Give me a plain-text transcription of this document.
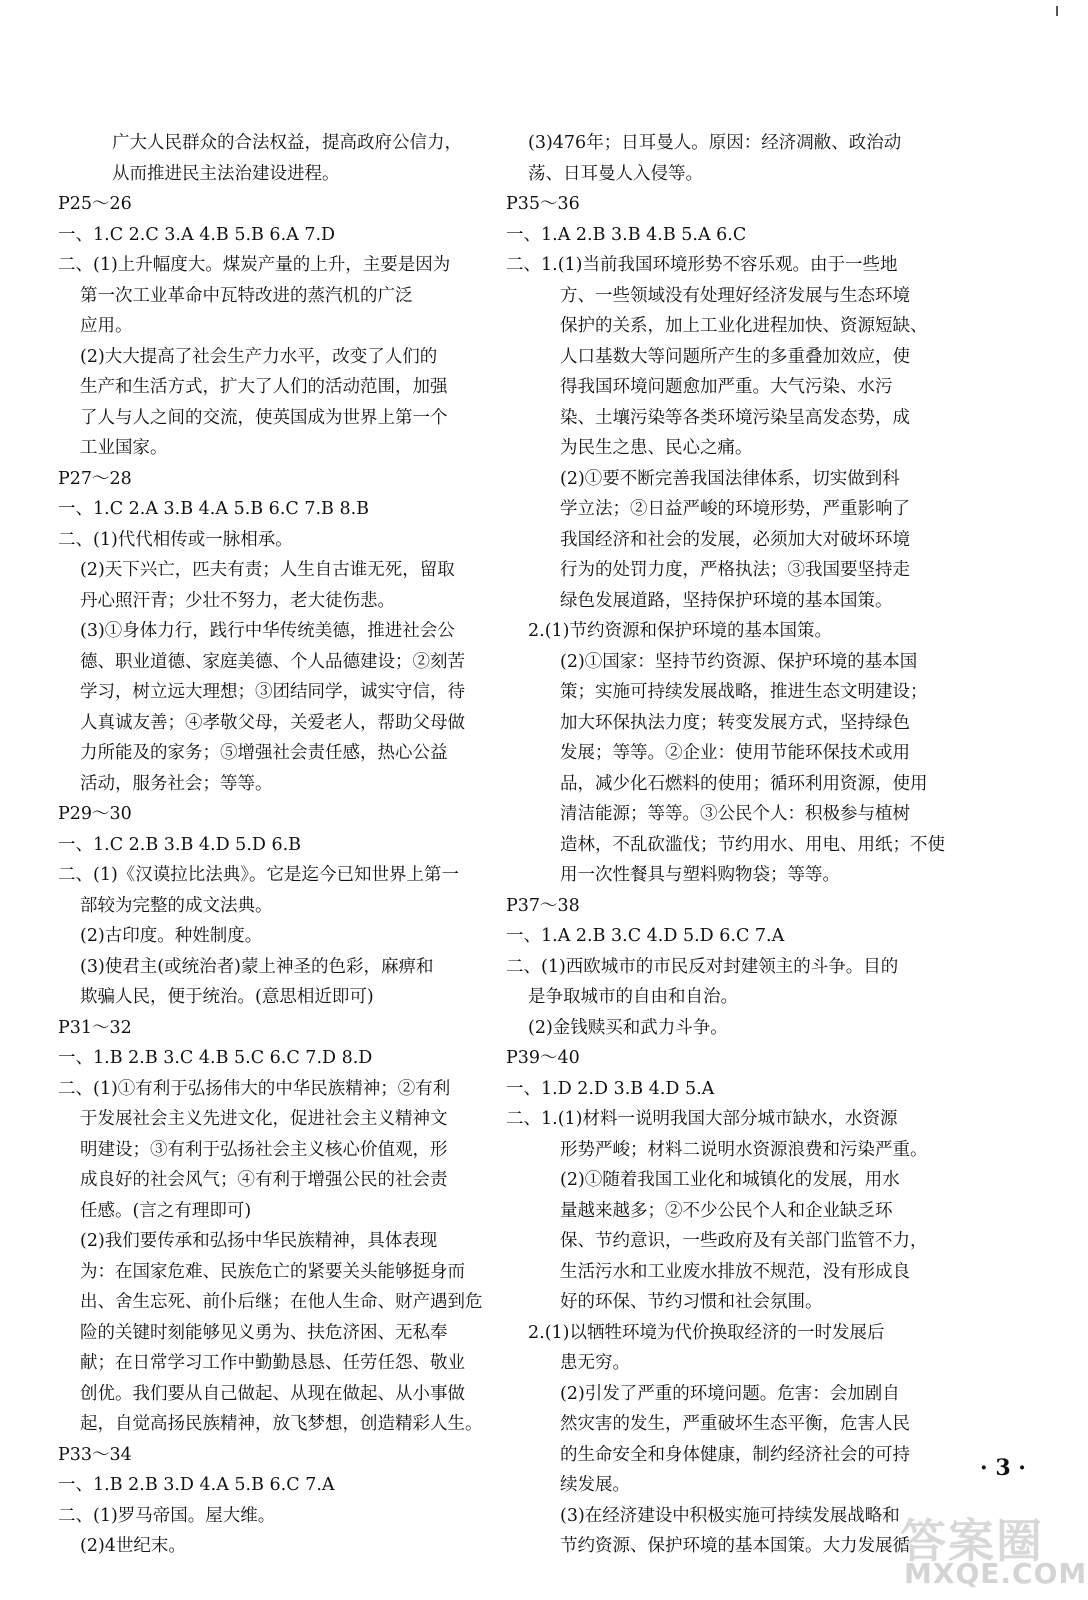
广大人民群众的合法权益，提高政府公信力，
从而推进民主法治建设进程。
P25～26
一、1.C 2.C 3.A 4.B 5.B 6.A 7.D
二、(1)上升幅度大。煤炭产量的上升，主要是因为
第一次工业革命中瓦特改进的蒸汽机的广泛
应用。
(2)大大提高了社会生产力水平，改变了人们的
生产和生活方式，扩大了人们的活动范围，加强
了人与人之间的交流，使英国成为世界上第一个
工业国家。
P27～28
一、1.C 2.A 3.B 4.A 5.B 6.C 7.B 8.B
二、(1)代代相传或一脉相承。
(2)天下兴亡，匹夫有责；人生自古谁无死，留取
丹心照汗青；少壮不努力，老大徒伤悲。
(3)①身体力行，践行中华传统美德，推进社会公
德、职业道德、家庭美德、个人品德建设；②刻苦
学习，树立远大理想；③团结同学，诚实守信，待
人真诚友善；④孝敬父母，关爱老人，帮助父母做
力所能及的家务；⑤增强社会责任感，热心公益
活动，服务社会；等等。
P29～30
一、1.C 2.B 3.B 4.D 5.D 6.B
二、(1)《汉谟拉比法典》。它是迄今已知世界上第一
部较为完整的成文法典。
(2)古印度。种姓制度。
(3)使君主(或统治者)蒙上神圣的色彩，麻痹和
欺骗人民，便于统治。(意思相近即可)
P31～32
一、1.B 2.B 3.C 4.B 5.C 6.C 7.D 8.D
二、(1)①有利于弘扬伟大的中华民族精神；②有利
于发展社会主义先进文化，促进社会主义精神文
明建设；③有利于弘扬社会主义核心价值观，形
成良好的社会风气；④有利于增强公民的社会责
任感。(言之有理即可)
(2)我们要传承和弘扬中华民族精神，具体表现
为：在国家危难、民族危亡的紧要关头能够挺身而
出、舍生忘死、前仆后继；在他人生命、财产遇到危
险的关键时刻能够见义勇为、扶危济困、无私奉
献；在日常学习工作中勤勤恳恳、任劳任怨、敬业
创优。我们要从自己做起、从现在做起、从小事做
起，自觉高扬民族精神，放飞梦想，创造精彩人生。
P33～34
一、1.B 2.B 3.D 4.A 5.B 6.C 7.A
二、(1)罗马帝国。屋大维。
(2)4世纪末。
(3)476年；日耳曼人。原因：经济凋敝、政治动
荡、日耳曼人入侵等。
P35～36
一、1.A 2.B 3.B 4.B 5.A 6.C
二、1.(1)当前我国环境形势不容乐观。由于一些地
方、一些领域没有处理好经济发展与生态环境
保护的关系，加上工业化进程加快、资源短缺、
人口基数大等问题所产生的多重叠加效应，使
得我国环境问题愈加严重。大气污染、水污
染、土壤污染等各类环境污染呈高发态势，成
为民生之患、民心之痛。
(2)①要不断完善我国法律体系，切实做到科
学立法；②日益严峻的环境形势，严重影响了
我国经济和社会的发展，必须加大对破坏环境
行为的处罚力度，严格执法；③我国要坚持走
绿色发展道路，坚持保护环境的基本国策。
2.(1)节约资源和保护环境的基本国策。
(2)①国家：坚持节约资源、保护环境的基本国
策；实施可持续发展战略，推进生态文明建设；
加大环保执法力度；转变发展方式，坚持绿色
发展；等等。②企业：使用节能环保技术或用
品，减少化石燃料的使用；循环利用资源，使用
清洁能源；等等。③公民个人：积极参与植树
造林，不乱砍滥伐；节约用水、用电、用纸；不使
用一次性餐具与塑料购物袋；等等。
P37～38
一、1.A 2.B 3.C 4.D 5.D 6.C 7.A
二、(1)西欧城市的市民反对封建领主的斗争。目的
是争取城市的自由和自治。
(2)金钱赎买和武力斗争。
P39～40
一、1.D 2.D 3.B 4.D 5.A
二、1.(1)材料一说明我国大部分城市缺水，水资源
形势严峻；材料二说明水资源浪费和污染严重。
(2)①随着我国工业化和城镇化的发展，用水
量越来越多；②不少公民个人和企业缺乏环
保、节约意识，一些政府及有关部门监管不力，
生活污水和工业废水排放不规范，没有形成良
好的环保、节约习惯和社会氛围。
2.(1)以牺牲环境为代价换取经济的一时发展后
患无穷。
(2)引发了严重的环境问题。危害：会加剧自
然灾害的发生，严重破坏生态平衡，危害人民
的生命安全和身体健康，制约经济社会的可持
续发展。
(3)在经济建设中积极实施可持续发展战略和
节约资源、保护环境的基本国策。大力发展循
· 3 ·
答案圈
MXQE.COM
